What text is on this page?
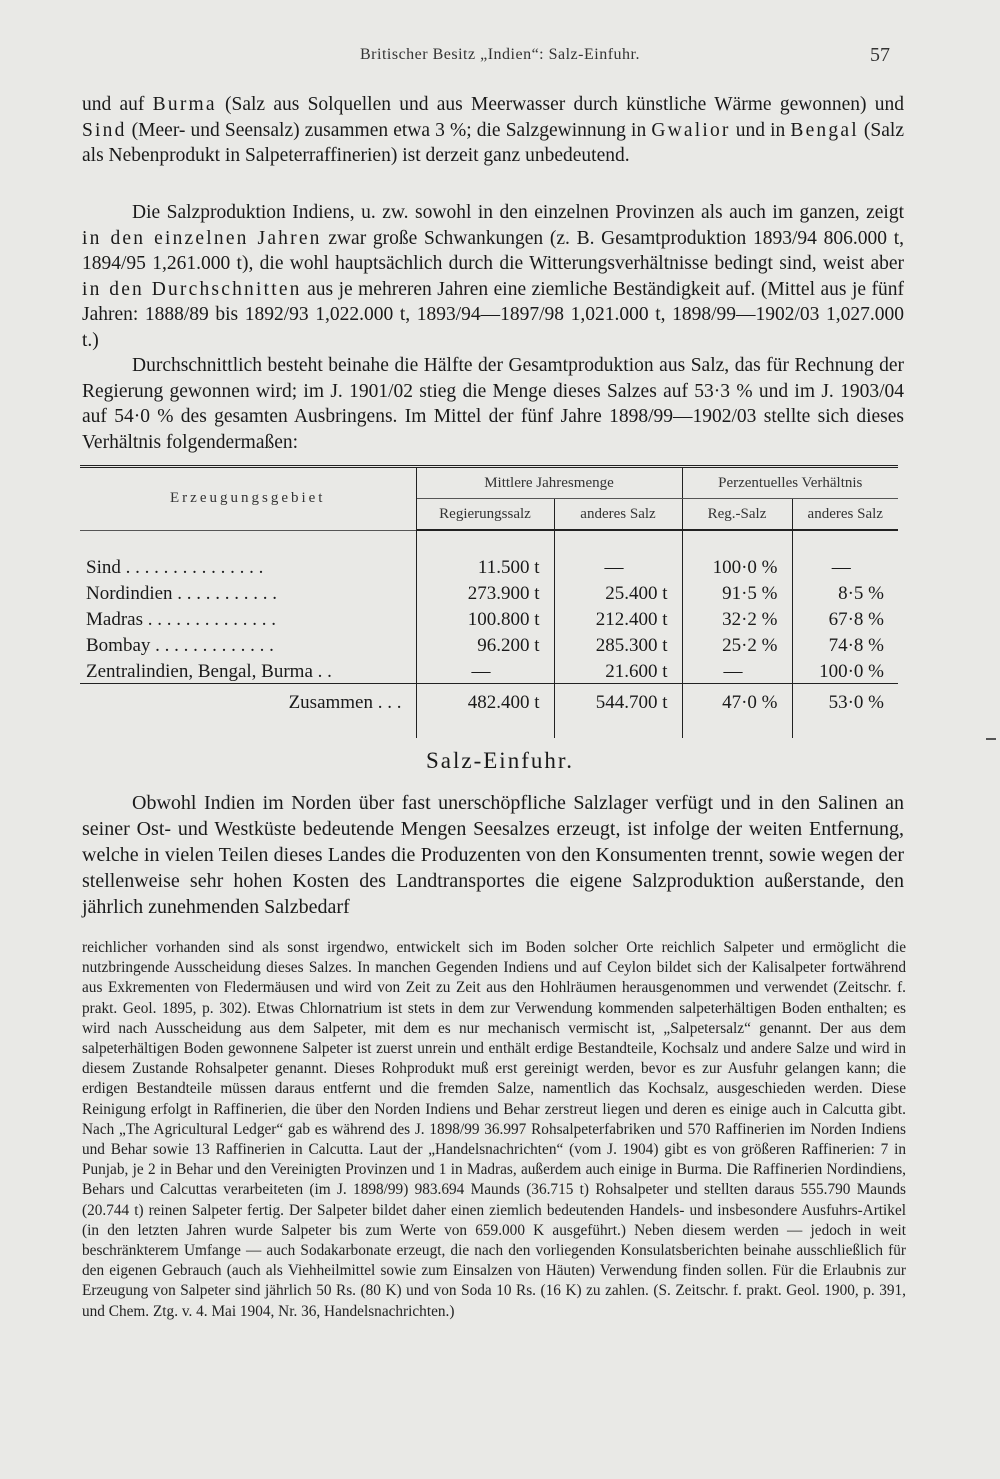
Britischer Besitz „Indien“: Salz-Einfuhr.	57

und auf Burma (Salz aus Solquellen und aus Meerwasser durch künstliche Wärme gewonnen) und Sind (Meer- und Seensalz) zusammen etwa 3 %; die Salzgewinnung in Gwalior und in Bengal (Salz als Nebenprodukt in Salpeterraffinerien) ist derzeit ganz unbedeutend.

Die Salzproduktion Indiens, u. zw. sowohl in den einzelnen Provinzen als auch im ganzen, zeigt in den einzelnen Jahren zwar große Schwankungen (z. B. Gesamtproduktion 1893/94 806.000 t, 1894/95 1,261.000 t), die wohl hauptsächlich durch die Witterungsverhältnisse bedingt sind, weist aber in den Durchschnitten aus je mehreren Jahren eine ziemliche Beständigkeit auf. (Mittel aus je fünf Jahren: 1888/89 bis 1892/93 1,022.000 t, 1893/94—1897/98 1,021.000 t, 1898/99—1902/03 1,027.000 t.)

Durchschnittlich besteht beinahe die Hälfte der Gesamtproduktion aus Salz, das für Rechnung der Regierung gewonnen wird; im J. 1901/02 stieg die Menge dieses Salzes auf 53·3 % und im J. 1903/04 auf 54·0 % des gesamten Ausbringens. Im Mittel der fünf Jahre 1898/99—1902/03 stellte sich dieses Verhältnis folgendermaßen:

Erzeugungsgebiet	Mittlere Jahresmenge		Perzentuelles Verhältnis	
	Regierungssalz	anderes Salz	Reg.-Salz	anderes Salz
Sind . . . . . . . . . . . . . . .	11.500 t	—	100·0 %	—
Nordindien . . . . . . . . . . .	273.900 t	25.400 t	91·5 %	8·5 %
Madras . . . . . . . . . . . . . .	100.800 t	212.400 t	32·2 %	67·8 %
Bombay . . . . . . . . . . . . .	96.200 t	285.300 t	25·2 %	74·8 %
Zentralindien, Bengal, Burma . .	—	21.600 t	—	100·0 %
Zusammen . . .	482.400 t	544.700 t	47·0 %	53·0 %

Salz-Einfuhr.

Obwohl Indien im Norden über fast unerschöpfliche Salzlager verfügt und in den Salinen an seiner Ost- und Westküste bedeutende Mengen Seesalzes erzeugt, ist infolge der weiten Entfernung, welche in vielen Teilen dieses Landes die Produzenten von den Konsumenten trennt, sowie wegen der stellenweise sehr hohen Kosten des Landtransportes die eigene Salzproduktion außerstande, den jährlich zunehmenden Salzbedarf

reichlicher vorhanden sind als sonst irgendwo, entwickelt sich im Boden solcher Orte reichlich Salpeter und ermöglicht die nutzbringende Ausscheidung dieses Salzes. In manchen Gegenden Indiens und auf Ceylon bildet sich der Kalisalpeter fortwährend aus Exkrementen von Fledermäusen und wird von Zeit zu Zeit aus den Hohlräumen herausgenommen und verwendet (Zeitschr. f. prakt. Geol. 1895, p. 302). Etwas Chlornatrium ist stets in dem zur Verwendung kommenden salpeterhältigen Boden enthalten; es wird nach Ausscheidung aus dem Salpeter, mit dem es nur mechanisch vermischt ist, „Salpetersalz“ genannt. Der aus dem salpeterhältigen Boden gewonnene Salpeter ist zuerst unrein und enthält erdige Bestandteile, Kochsalz und andere Salze und wird in diesem Zustande Rohsalpeter genannt. Dieses Rohprodukt muß erst gereinigt werden, bevor es zur Ausfuhr gelangen kann; die erdigen Bestandteile müssen daraus entfernt und die fremden Salze, namentlich das Kochsalz, ausgeschieden werden. Diese Reinigung erfolgt in Raffinerien, die über den Norden Indiens und Behar zerstreut liegen und deren es einige auch in Calcutta gibt. Nach „The Agricultural Ledger“ gab es während des J. 1898/99 36.997 Rohsalpeterfabriken und 570 Raffinerien im Norden Indiens und Behar sowie 13 Raffinerien in Calcutta. Laut der „Handelsnachrichten“ (vom J. 1904) gibt es von größeren Raffinerien: 7 in Punjab, je 2 in Behar und den Vereinigten Provinzen und 1 in Madras, außerdem auch einige in Burma. Die Raffinerien Nordindiens, Behars und Calcuttas verarbeiteten (im J. 1898/99) 983.694 Maunds (36.715 t) Rohsalpeter und stellten daraus 555.790 Maunds (20.744 t) reinen Salpeter fertig. Der Salpeter bildet daher einen ziemlich bedeutenden Handels- und insbesondere Ausfuhrs-Artikel (in den letzten Jahren wurde Salpeter bis zum Werte von 659.000 K ausgeführt.) Neben diesem werden — jedoch in weit beschränkterem Umfange — auch Sodakarbonate erzeugt, die nach den vorliegenden Konsulatsberichten beinahe ausschließlich für den eigenen Gebrauch (auch als Viehheilmittel sowie zum Einsalzen von Häuten) Verwendung finden sollen. Für die Erlaubnis zur Erzeugung von Salpeter sind jährlich 50 Rs. (80 K) und von Soda 10 Rs. (16 K) zu zahlen. (S. Zeitschr. f. prakt. Geol. 1900, p. 391, und Chem. Ztg. v. 4. Mai 1904, Nr. 36, Handelsnachrichten.)
